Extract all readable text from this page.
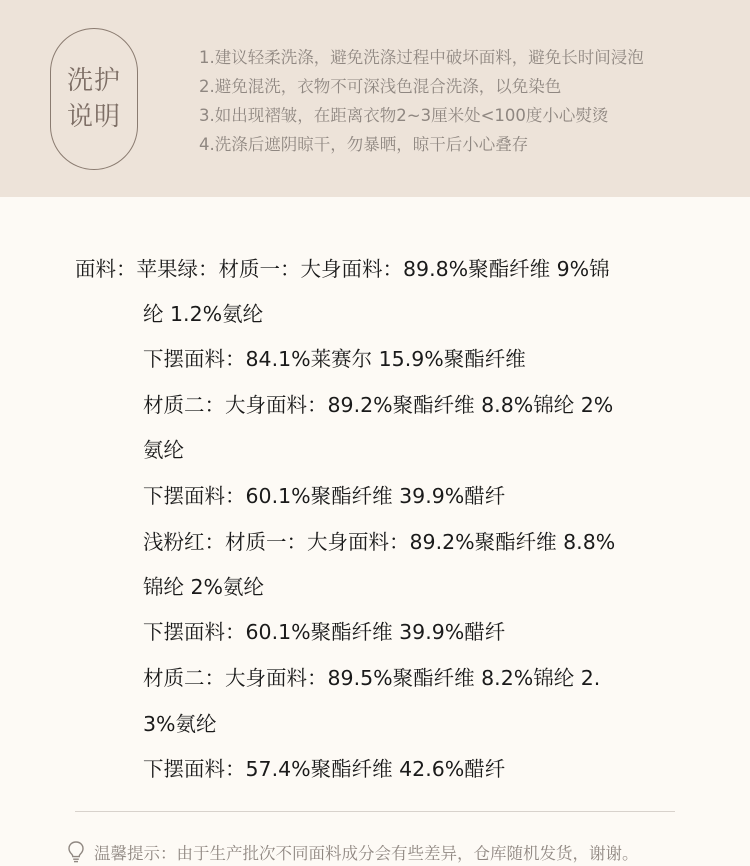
洗护
说明
1.建议轻柔洗涤，避免洗涤过程中破坏面料，避免长时间浸泡
2.避免混洗，衣物不可深浅色混合洗涤，以免染色
3.如出现褶皱，在距离衣物2~3厘米处<100度小心熨烫
4.洗涤后遮阴晾干，勿暴晒，晾干后小心叠存
面料：苹果绿：材质一：大身面料：89.8%聚酯纤维 9%锦
纶 1.2%氨纶
下摆面料：84.1%莱赛尔 15.9%聚酯纤维
材质二：大身面料：89.2%聚酯纤维 8.8%锦纶 2%
氨纶
下摆面料：60.1%聚酯纤维 39.9%醋纤
浅粉红：材质一：大身面料：89.2%聚酯纤维 8.8%
锦纶 2%氨纶
下摆面料：60.1%聚酯纤维 39.9%醋纤
材质二：大身面料：89.5%聚酯纤维 8.2%锦纶 2.
3%氨纶
下摆面料：57.4%聚酯纤维 42.6%醋纤
温馨提示：由于生产批次不同面料成分会有些差异，仓库随机发货，谢谢。
